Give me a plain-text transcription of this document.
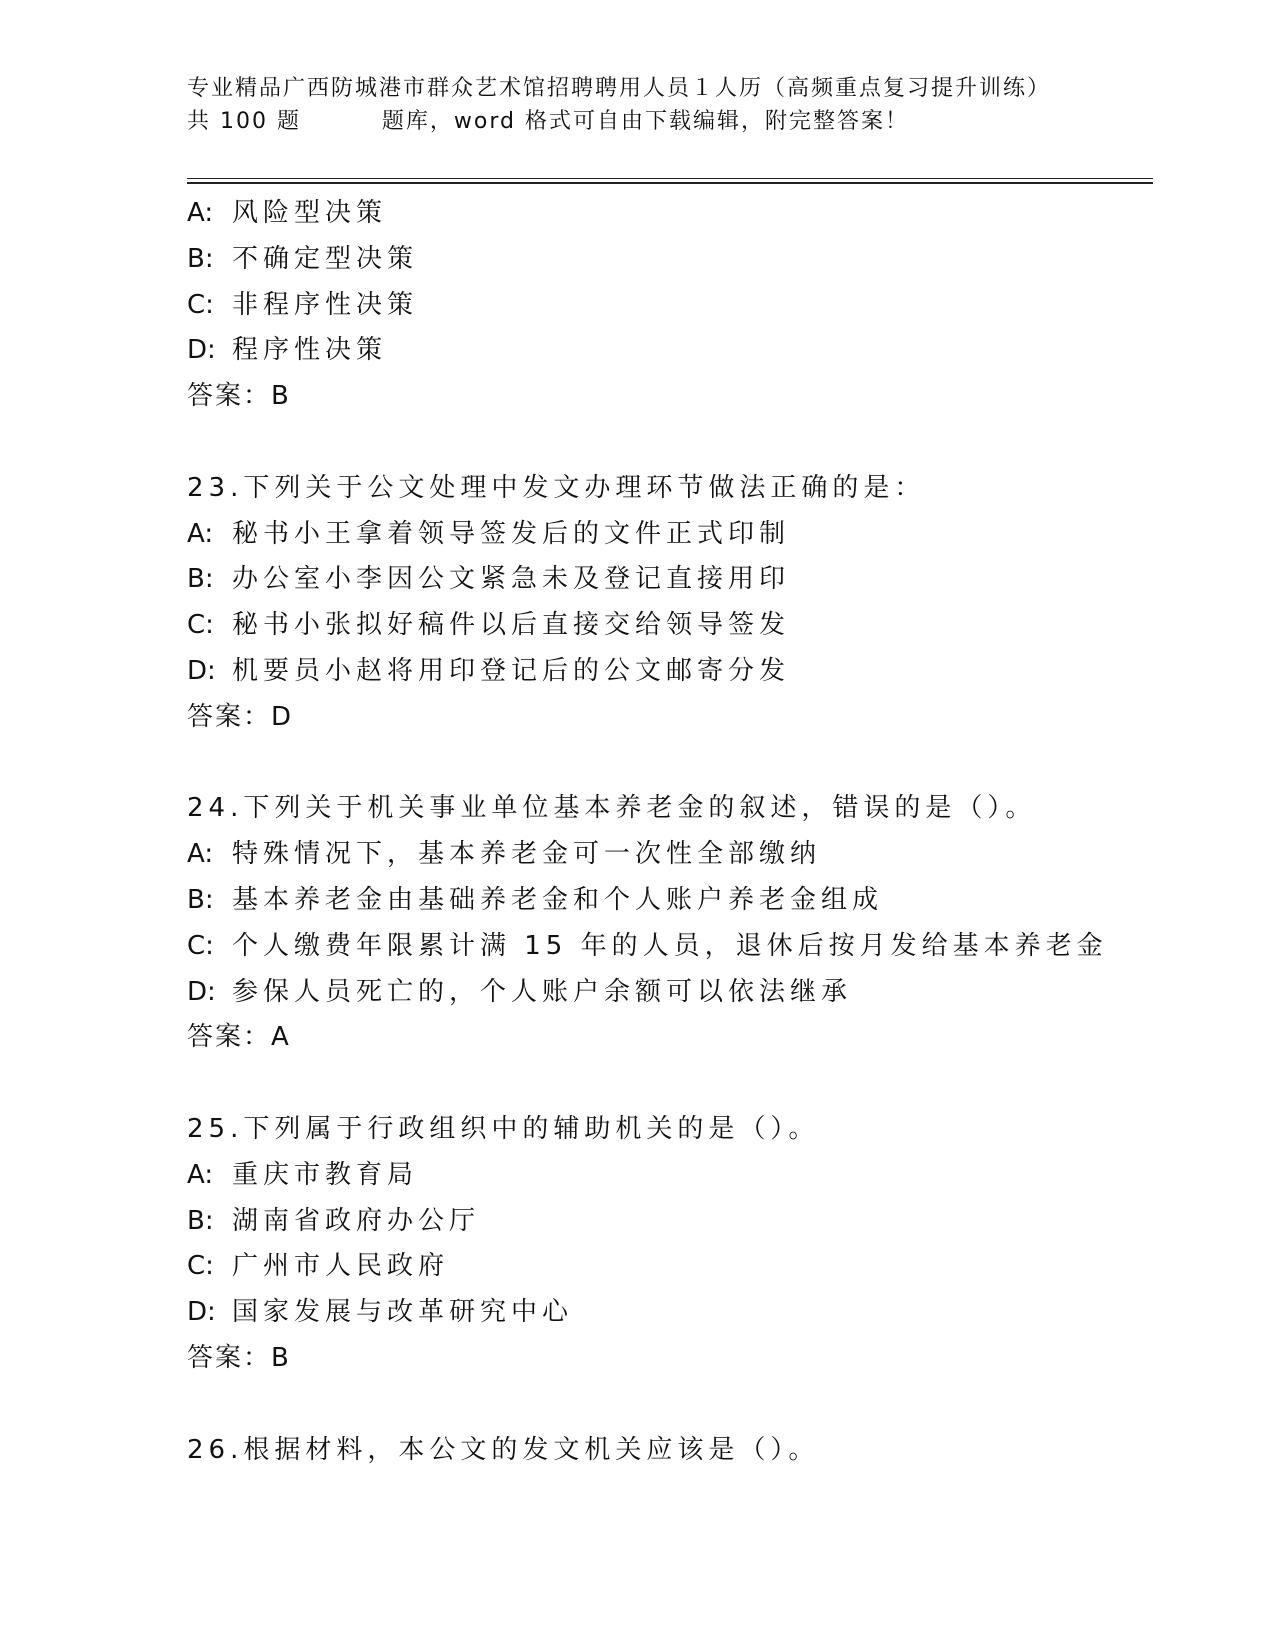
专业精品广西防城港市群众艺术馆招聘聘用人员１人历（高频重点复习提升训练）
共 100 题         题库，word 格式可自由下载编辑，附完整答案！
A: 风险型决策
B: 不确定型决策
C: 非程序性决策
D: 程序性决策
答案：B
23.下列关于公文处理中发文办理环节做法正确的是：
A: 秘书小王拿着领导签发后的文件正式印制
B: 办公室小李因公文紧急未及登记直接用印
C: 秘书小张拟好稿件以后直接交给领导签发
D: 机要员小赵将用印登记后的公文邮寄分发
答案：D
24.下列关于机关事业单位基本养老金的叙述，错误的是（）。
A: 特殊情况下，基本养老金可一次性全部缴纳
B: 基本养老金由基础养老金和个人账户养老金组成
C: 个人缴费年限累计满 15 年的人员，退休后按月发给基本养老金
D: 参保人员死亡的，个人账户余额可以依法继承
答案：A
25.下列属于行政组织中的辅助机关的是（）。
A: 重庆市教育局
B: 湖南省政府办公厅
C: 广州市人民政府
D: 国家发展与改革研究中心
答案：B
26.根据材料，本公文的发文机关应该是（）。
